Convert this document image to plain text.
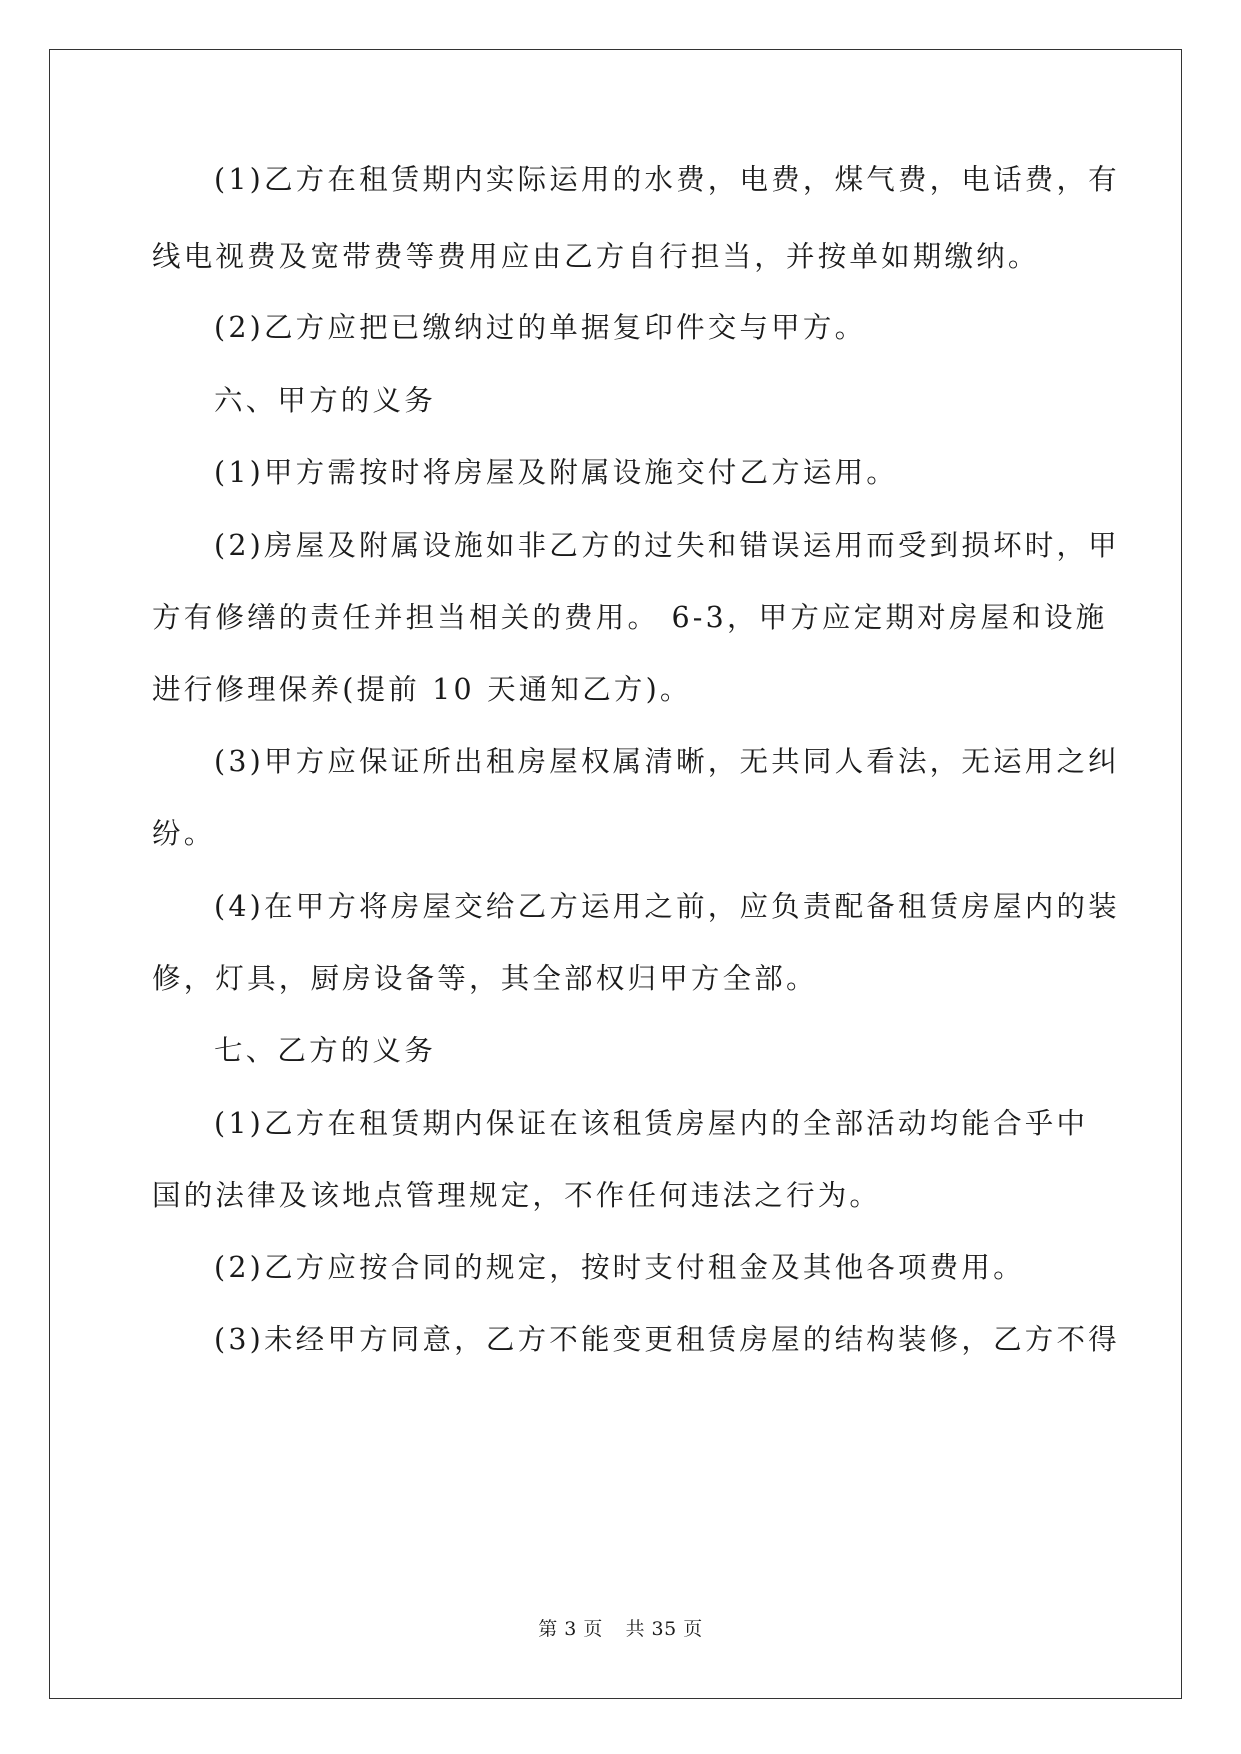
(1)乙方在租赁期内实际运用的水费，电费，煤气费，电话费，有
线电视费及宽带费等费用应由乙方自行担当，并按单如期缴纳。
(2)乙方应把已缴纳过的单据复印件交与甲方。
六、甲方的义务
(1)甲方需按时将房屋及附属设施交付乙方运用。
(2)房屋及附属设施如非乙方的过失和错误运用而受到损坏时，甲
方有修缮的责任并担当相关的费用。 6-3，甲方应定期对房屋和设施
进行修理保养(提前 10 天通知乙方)。
(3)甲方应保证所出租房屋权属清晰，无共同人看法，无运用之纠
纷。
(4)在甲方将房屋交给乙方运用之前，应负责配备租赁房屋内的装
修，灯具，厨房设备等，其全部权归甲方全部。
七、乙方的义务
(1)乙方在租赁期内保证在该租赁房屋内的全部活动均能合乎中
国的法律及该地点管理规定，不作任何违法之行为。
(2)乙方应按合同的规定，按时支付租金及其他各项费用。
(3)未经甲方同意，乙方不能变更租赁房屋的结构装修，乙方不得
第 3 页 共 35 页
